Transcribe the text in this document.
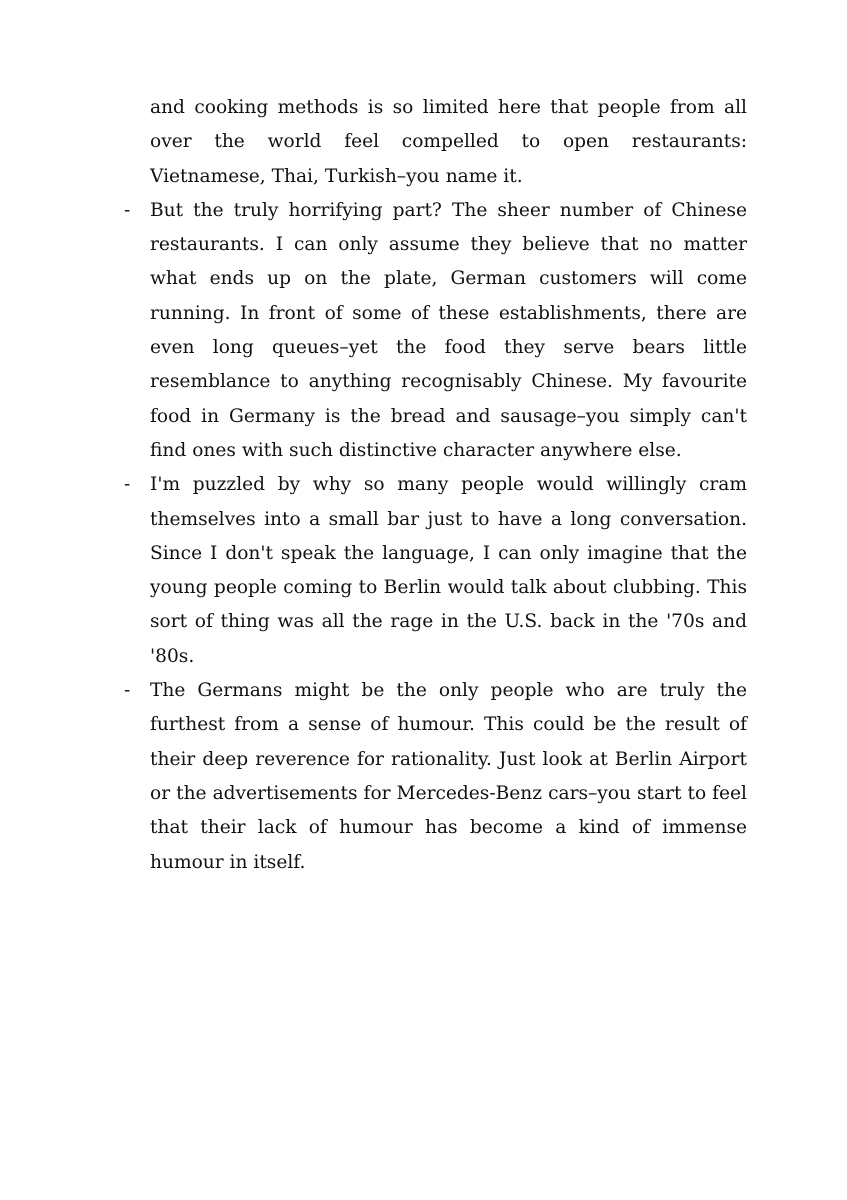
and cooking methods is so limited here that people from all over the world feel compelled to open restaurants: Vietnamese, Thai, Turkish–you name it.

-	But the truly horrifying part? The sheer number of Chinese restaurants. I can only assume they believe that no matter what ends up on the plate, German customers will come running. In front of some of these establishments, there are even long queues–yet the food they serve bears little resemblance to anything recognisably Chinese. My favourite food in Germany is the bread and sausage–you simply can't find ones with such distinctive character anywhere else.

-	I'm puzzled by why so many people would willingly cram themselves into a small bar just to have a long conversation. Since I don't speak the language, I can only imagine that the young people coming to Berlin would talk about clubbing. This sort of thing was all the rage in the U.S. back in the '70s and '80s.

-	The Germans might be the only people who are truly the furthest from a sense of humour. This could be the result of their deep reverence for rationality. Just look at Berlin Airport or the advertisements for Mercedes-Benz cars–you start to feel that their lack of humour has become a kind of immense humour in itself.
